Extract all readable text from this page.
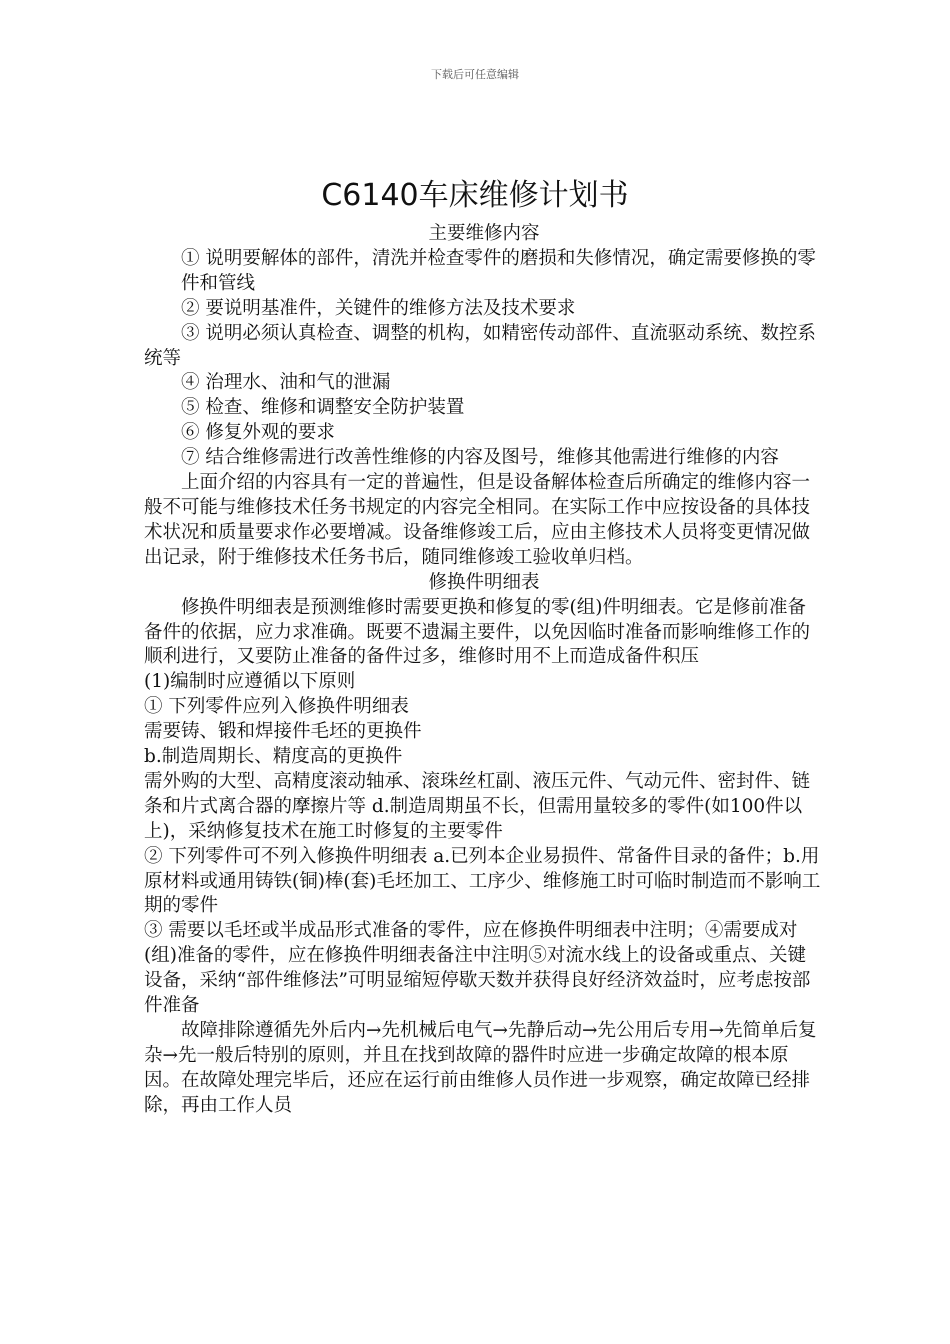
下载后可任意编辑
C6140车床维修计划书

主要维修内容

① 说明要解体的部件，清洗并检查零件的磨损和失修情况，确定需要修换的零件和管线

② 要说明基准件，关键件的维修方法及技术要求

③ 说明必须认真检查、调整的机构，如精密传动部件、直流驱动系统、数控系统等

④ 治理水、油和气的泄漏

⑤ 检查、维修和调整安全防护装置

⑥ 修复外观的要求

⑦ 结合维修需进行改善性维修的内容及图号，维修其他需进行维修的内容

上面介绍的内容具有一定的普遍性，但是设备解体检查后所确定的维修内容一般不可能与维修技术任务书规定的内容完全相同。在实际工作中应按设备的具体技术状况和质量要求作必要增减。设备维修竣工后，应由主修技术人员将变更情况做出记录，附于维修技术任务书后，随同维修竣工验收单归档。

修换件明细表

修换件明细表是预测维修时需要更换和修复的零(组)件明细表。它是修前准备备件的依据，应力求准确。既要不遗漏主要件，以免因临时准备而影响维修工作的顺利进行，又要防止准备的备件过多，维修时用不上而造成备件积压

(1)编制时应遵循以下原则

① 下列零件应列入修换件明细表

需要铸、锻和焊接件毛坯的更换件

b.制造周期长、精度高的更换件

需外购的大型、高精度滚动轴承、滚珠丝杠副、液压元件、气动元件、密封件、链条和片式离合器的摩擦片等 d.制造周期虽不长，但需用量较多的零件(如100件以上)，采纳修复技术在施工时修复的主要零件

② 下列零件可不列入修换件明细表 a.已列本企业易损件、常备件目录的备件；b.用原材料或通用铸铁(铜)棒(套)毛坯加工、工序少、维修施工时可临时制造而不影响工期的零件

③ 需要以毛坯或半成品形式准备的零件，应在修换件明细表中注明；④需要成对(组)准备的零件，应在修换件明细表备注中注明⑤对流水线上的设备或重点、关键设备，采纳“部件维修法”可明显缩短停歇天数并获得良好经济效益时，应考虑按部件准备

故障排除遵循先外后内→先机械后电气→先静后动→先公用后专用→先简单后复杂→先一般后特别的原则，并且在找到故障的器件时应进一步确定故障的根本原因。在故障处理完毕后，还应在运行前由维修人员作进一步观察，确定故障已经排除，再由工作人员
